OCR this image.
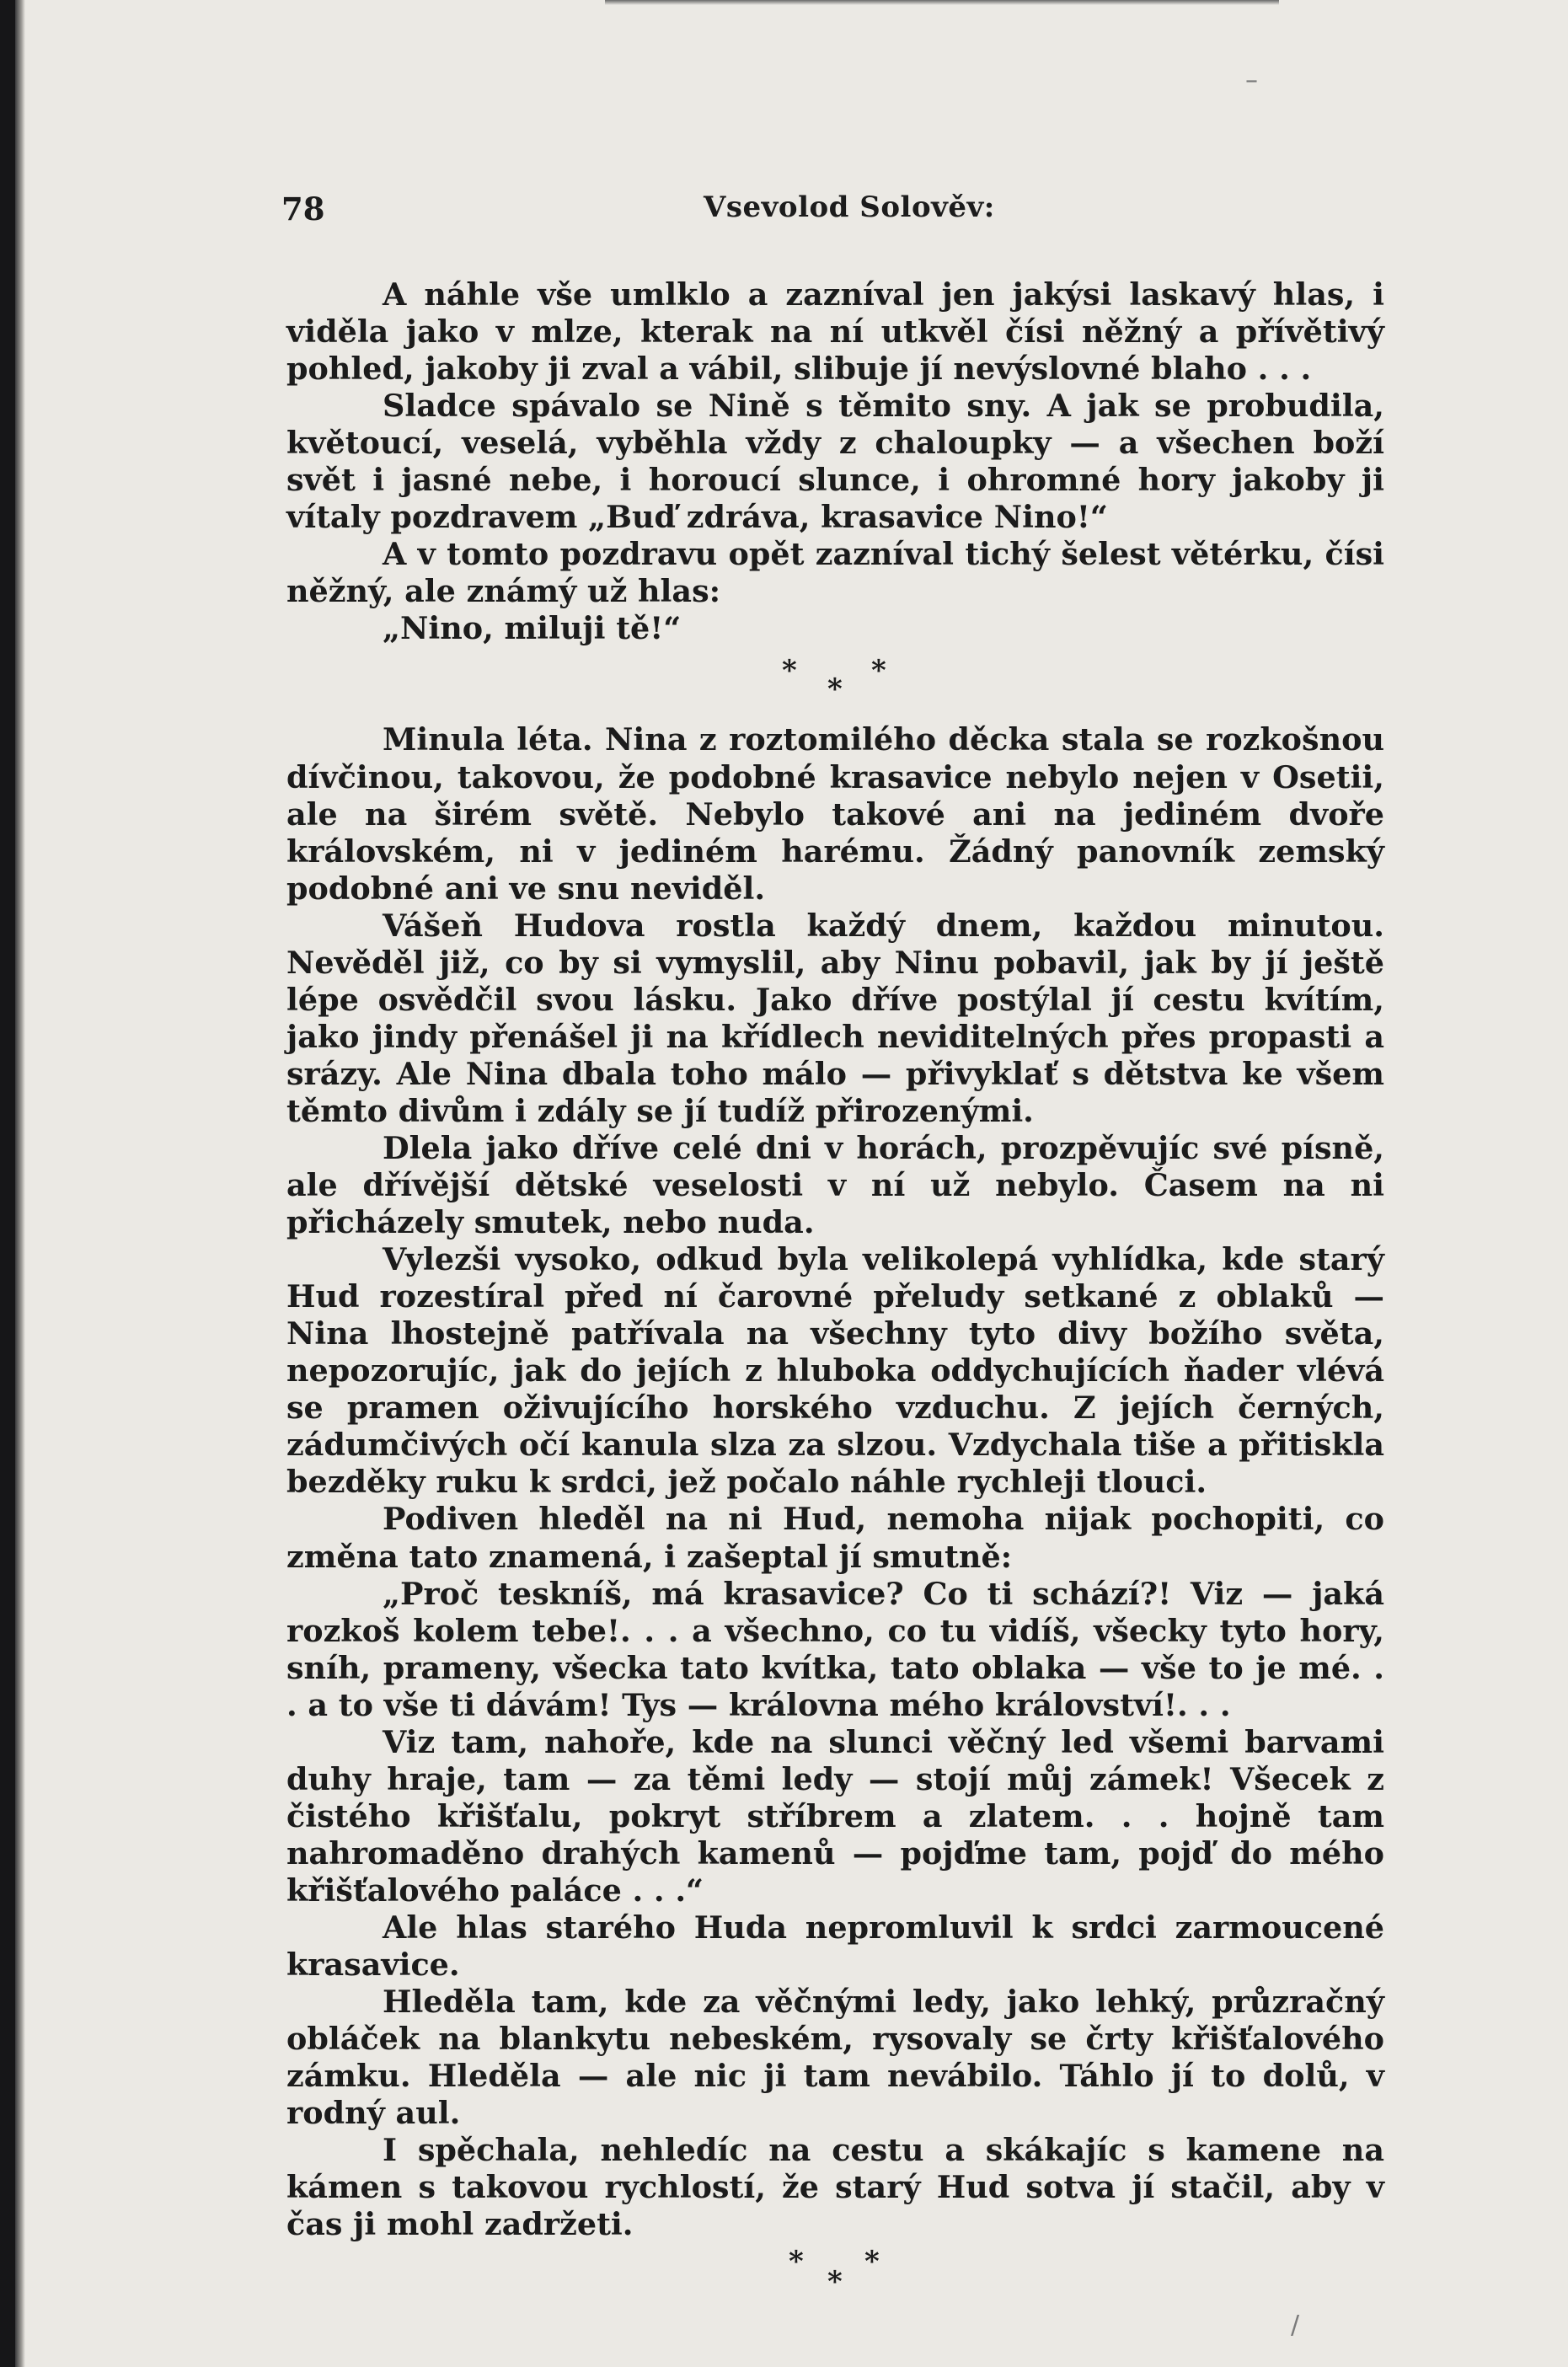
78	Vsevolod Solověv:

A náhle vše umlklo a zazníval jen jakýsi laskavý hlas, i viděla jako v mlze, kterak na ní utkvěl čísi něžný a přívětivý pohled, jakoby ji zval a vábil, slibuje jí nevýslovné blaho . . .

Sladce spávalo se Nině s těmito sny. A jak se probudila, květoucí, veselá, vyběhla vždy z chaloupky — a všechen boží svět i jasné nebe, i horoucí slunce, i ohromné hory jakoby ji vítaly pozdravem „Buď zdráva, krasavice Nino!“

A v tomto pozdravu opět zazníval tichý šelest větérku, čísi něžný, ale známý už hlas:

„Nino, miluji tě!“

*	*
*

Minula léta. Nina z roztomilého děcka stala se rozkošnou dívčinou, takovou, že podobné krasavice nebylo nejen v Osetii, ale na širém světě. Nebylo takové ani na jediném dvoře královském, ni v jediném harému. Žádný panovník zemský podobné ani ve snu neviděl.

Vášeň Hudova rostla každý dnem, každou minutou. Nevěděl již, co by si vymyslil, aby Ninu pobavil, jak by jí ještě lépe osvědčil svou lásku. Jako dříve postýlal jí cestu kvítím, jako jindy přenášel ji na křídlech neviditelných přes propasti a srázy. Ale Nina dbala toho málo — přivyklať s dětstva ke všem těmto divům i zdály se jí tudíž přirozenými.

Dlela jako dříve celé dni v horách, prozpěvujíc své písně, ale dřívější dětské veselosti v ní už nebylo. Časem na ni přicházely smutek, nebo nuda.

Vylezši vysoko, odkud byla velikolepá vyhlídka, kde starý Hud rozestíral před ní čarovné přeludy setkané z oblaků — Nina lhostejně patřívala na všechny tyto divy božího světa, nepozorujíc, jak do jejích z hluboka oddychujících ňader vlévá se pramen oživujícího horského vzduchu. Z jejích černých, zádumčivých očí kanula slza za slzou. Vzdychala tiše a přitiskla bezděky ruku k srdci, jež počalo náhle rychleji tlouci.

Podiven hleděl na ni Hud, nemoha nijak pochopiti, co změna tato znamená, i zašeptal jí smutně:

„Proč teskníš, má krasavice? Co ti schází?! Viz — jaká rozkoš kolem tebe!. . . a všechno, co tu vidíš, všecky tyto hory, sníh, prameny, všecka tato kvítka, tato oblaka — vše to je mé. . . a to vše ti dávám! Tys — královna mého království!. . .

Viz tam, nahoře, kde na slunci věčný led všemi barvami duhy hraje, tam — za těmi ledy — stojí můj zámek! Všecek z čistého křišťalu, pokryt stříbrem a zlatem. . . hojně tam nahromaděno drahých kamenů — pojďme tam, pojď do mého křišťalového paláce . . .“

Ale hlas starého Huda nepromluvil k srdci zarmoucené krasavice.

Hleděla tam, kde za věčnými ledy, jako lehký, průzračný obláček na blankytu nebeském, rysovaly se črty křišťalového zámku. Hleděla — ale nic ji tam nevábilo. Táhlo jí to dolů, v rodný aul.

I spěchala, nehledíc na cestu a skákajíc s kamene na kámen s takovou rychlostí, že starý Hud sotva jí stačil, aby v čas ji mohl zadržeti.

* *
*
–
/
